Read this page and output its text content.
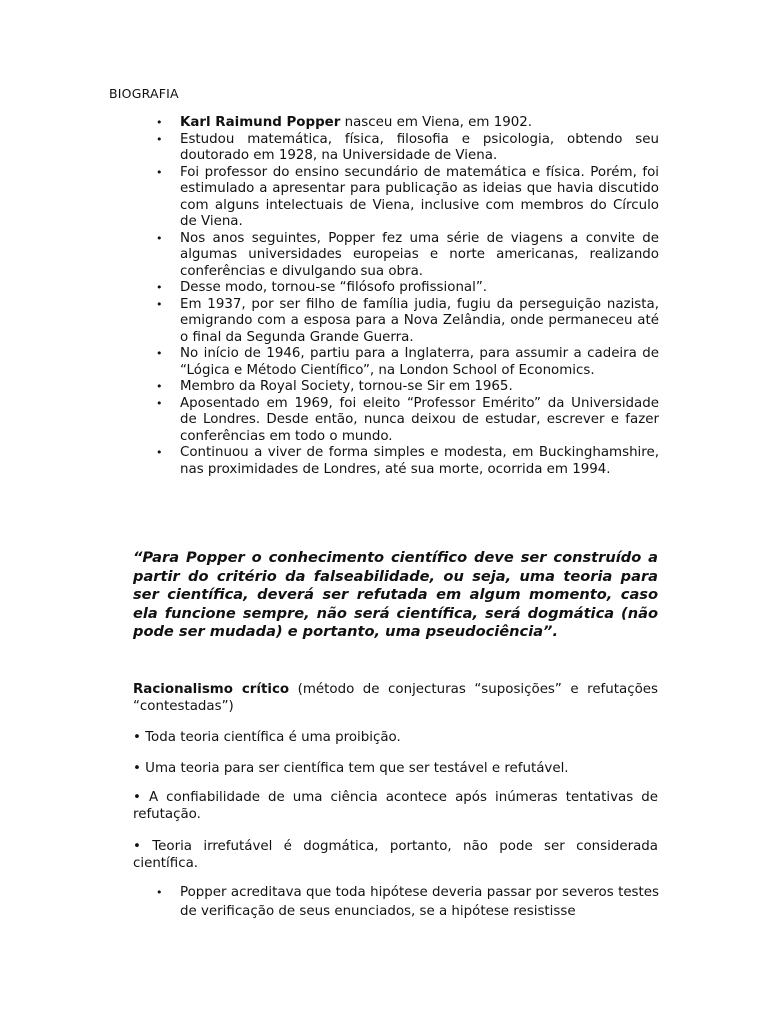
BIOGRAFIA
• Karl Raimund Popper nasceu em Viena, em 1902.
• Estudou matemática, física, filosofia e psicologia, obtendo seu doutorado em 1928, na Universidade de Viena.
• Foi professor do ensino secundário de matemática e física. Porém, foi estimulado a apresentar para publicação as ideias que havia discutido com alguns intelectuais de Viena, inclusive com membros do Círculo de Viena.
• Nos anos seguintes, Popper fez uma série de viagens a convite de algumas universidades europeias e norte americanas, realizando conferências e divulgando sua obra.
• Desse modo, tornou-se “filósofo profissional”.
• Em 1937, por ser filho de família judia, fugiu da perseguição nazista, emigrando com a esposa para a Nova Zelândia, onde permaneceu até o final da Segunda Grande Guerra.
• No início de 1946, partiu para a Inglaterra, para assumir a cadeira de “Lógica e Método Científico”, na London School of Economics.
• Membro da Royal Society, tornou-se Sir em 1965.
• Aposentado em 1969, foi eleito “Professor Emérito” da Universidade de Londres. Desde então, nunca deixou de estudar, escrever e fazer conferências em todo o mundo.
• Continuou a viver de forma simples e modesta, em Buckinghamshire, nas proximidades de Londres, até sua morte, ocorrida em 1994.

“Para Popper o conhecimento científico deve ser construído a partir do critério da falseabilidade, ou seja, uma teoria para ser científica, deverá ser refutada em algum momento, caso ela funcione sempre, não será científica, será dogmática (não pode ser mudada) e portanto, uma pseudociência”.

Racionalismo crítico (método de conjecturas “suposições” e refutações “contestadas”)

• Toda teoria científica é uma proibição.

• Uma teoria para ser científica tem que ser testável e refutável.

• A confiabilidade de uma ciência acontece após inúmeras tentativas de refutação.

• Teoria irrefutável é dogmática, portanto, não pode ser considerada científica.

• Popper acreditava que toda hipótese deveria passar por severos testes de verificação de seus enunciados, se a hipótese resistisse
